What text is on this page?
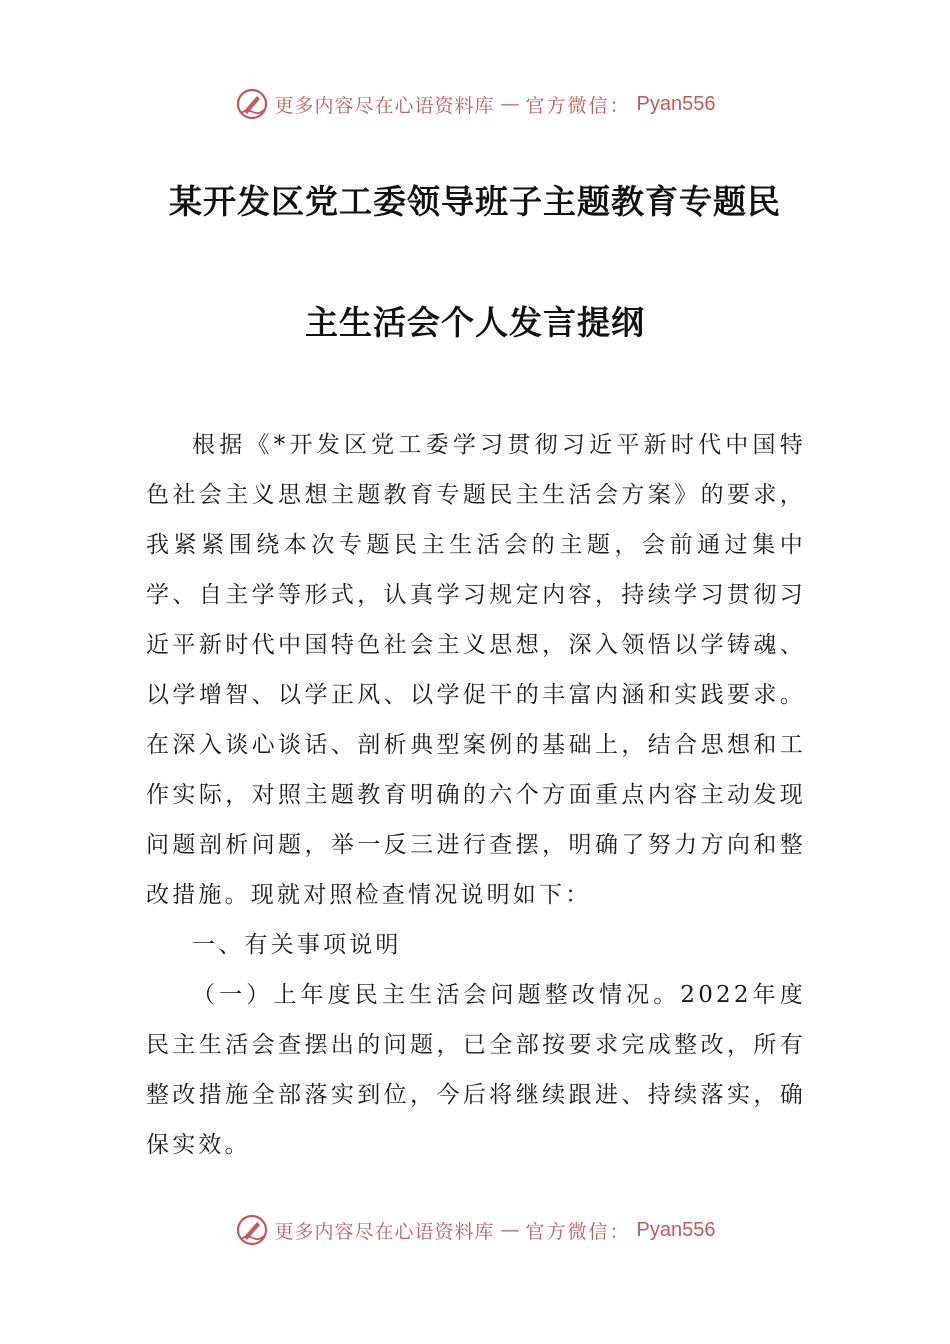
更多内容尽在心语资料库 — 官方微信： Pyan556
某开发区党工委领导班子主题教育专题民
主生活会个人发言提纲

根据《*开发区党工委学习贯彻习近平新时代中国特色社会主义思想主题教育专题民主生活会方案》的要求，我紧紧围绕本次专题民主生活会的主题，会前通过集中学、自主学等形式，认真学习规定内容，持续学习贯彻习近平新时代中国特色社会主义思想，深入领悟以学铸魂、以学增智、以学正风、以学促干的丰富内涵和实践要求。在深入谈心谈话、剖析典型案例的基础上，结合思想和工作实际，对照主题教育明确的六个方面重点内容主动发现问题剖析问题，举一反三进行查摆，明确了努力方向和整改措施。现就对照检查情况说明如下：

一、有关事项说明

（一）上年度民主生活会问题整改情况。2022年度民主生活会查摆出的问题，已全部按要求完成整改，所有整改措施全部落实到位，今后将继续跟进、持续落实，确保实效。

更多内容尽在心语资料库 — 官方微信： Pyan556
